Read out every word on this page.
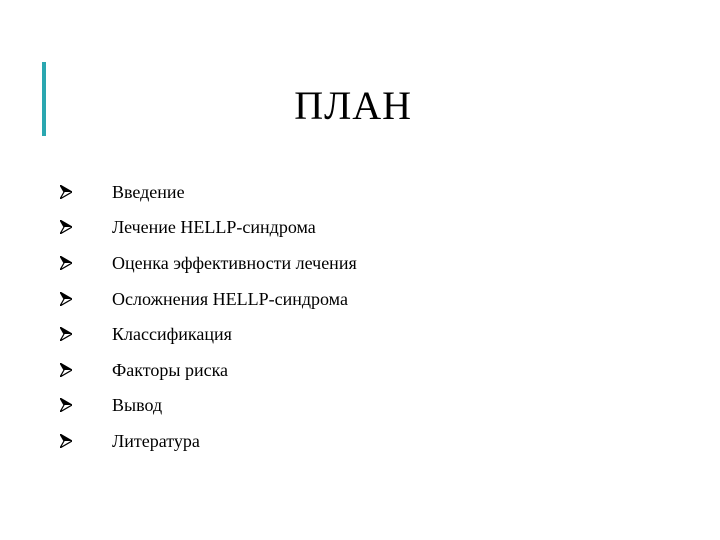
ПЛАН
Введение
Лечение HELLP-синдрома
Оценка эффективности лечения
Осложнения HELLP-синдрома
Классификация
Факторы риска
Вывод
Литература
